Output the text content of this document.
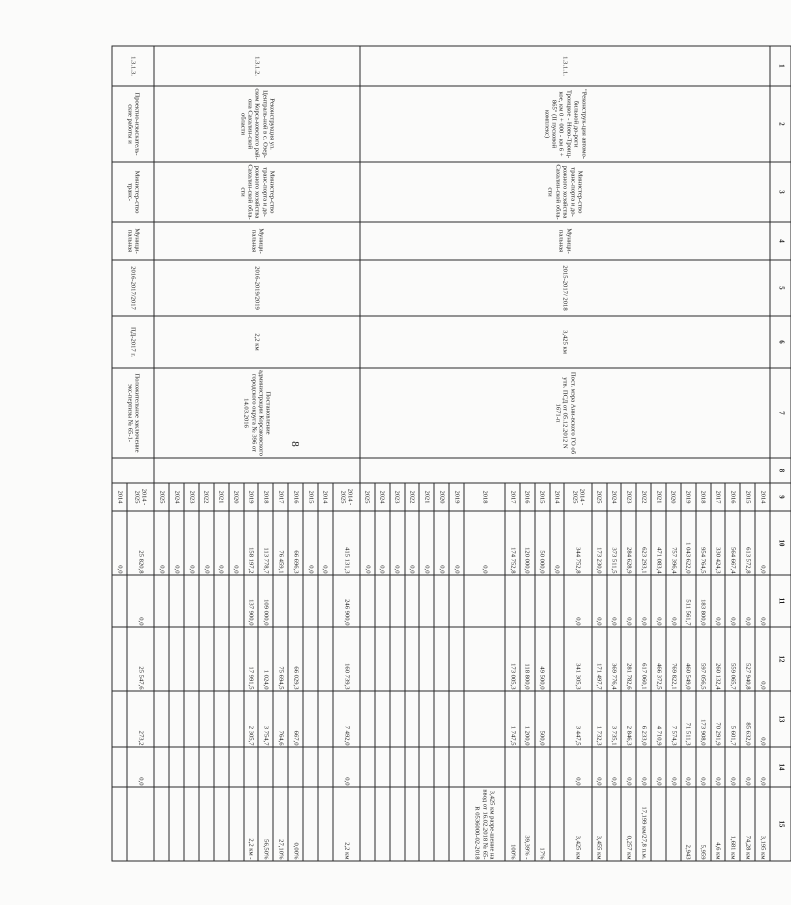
8
1	2	3	4	5	6	7	8	9	10	11	12	13	14	15
1.3.1.1.	"Реконструк-ция автомо-бильной до-роги Троицкое - Ново-Троиц-кое, км 0 + 000 - км 6 + 865" (II пусковой комплекс)	Министер-ство транс-порта и до-рожного хозяйства Сахалин-ской обла-сти	Муници-пальная	2015-2017/ 2018	3,425 км	Пост. мэра Ани-вского ГО об утв. ПСД от 05.12.2012 N 1671-п		2014	0,0	0,0	0,0	0,0	0,0	3,195 км
								2015	613 572,8	0,0	527 940,8	85 632,0	0,0	74,28 км
								2016	564 667,4	0,0	559 065,7	5 601,7	0,0	1,681 км
								2017	330 424,3	0,0	260 132,4	70 291,9	0,0	4,6 км
								2018	954 764,5	183 800,0	597 056,5	173 908,0	0,0	5,959
								2019	1 043 622,0	511 561,7	460 549,0	71 511,3	0,0	2,943
								2020	757 396,4	0,0	769 822,1	7 574,3	0,0	
								2021	471 083,4	0,0	466 372,5	4 710,9	0,0	
								2022	623 293,1	0,0	617 060,1	6 233,0	0,0	17,199 км/27,8 п.м.
								2023	284 628,9	0,0	281 782,6	2 846,3	0,0	0,257 км
								2024	373 511,5	0,0	369 776,4	3 735,1	0,0	
								2025	173 230,0	0,0	171 497,7	1 732,3	0,0	3,455 км
								2014 - 2025	344 752,8	0,0	341 305,3	3 447,5	0,0	3,425 км
								2014	0,0					
								2015	50 000,0		49 500,0	500,0		17%
								2016	120 000,0		118 800,0	1 200,0		39,39% -
								2017	174 752,8		173 005,3	1 747,5		100%
								2018	0,0					3,425 км разре-шение на ввод от 16.02.2018 № 65-R 0536000-02-2018
								2019	0,0					
								2020	0,0					
								2021	0,0					
								2022	0,0					
								2023	0,0					
								2024	0,0					
								2025	0,0					
1.3.1.2.	Реконструкция ул. Централь-ной в с. Озер-ском Корса-ковского рай-она Сахалин-ской области	Министер-ство транс-порта и до-рожного хозяйства Сахалин-ской обла-сти	Муници-пальная	2016-2019/2019	2,2 км	Постановление администрации Корсаковского городского округа № 396 от 14.03.2016		2014 - 2025	415 131,3	246 900,0	160 739,3	7 492,0	0,0	2,2 км
								2014	0,0					
								2015	0,0					
								2016	66 696,3		66 029,3	667,0		0,00%
								2017	76 459,1		75 694,5	764,6		27,10%
								2018	113 778,7	109 000,0	1 024,0	3 754,7		56,50%
								2019	158 197,2	137 900,0	17 991,5	2 305,7		2,2 км -
								2020	0,0					
								2021	0,0					
								2022	0,0					
								2023	0,0					
								2024	0,0					
								2025	0,0					
1.3.1.3.	Проектно-изыскатель-ские работы и	Министер-ство транс-	Муници-пальная	2016-2017/2017	ПД-2017 г.	Положительное заключение экс-пертизы № 65-1-		2014 - 2025	25 820,8	0,0	25 547,6	273,2	0,0	
								2014	0,0					
